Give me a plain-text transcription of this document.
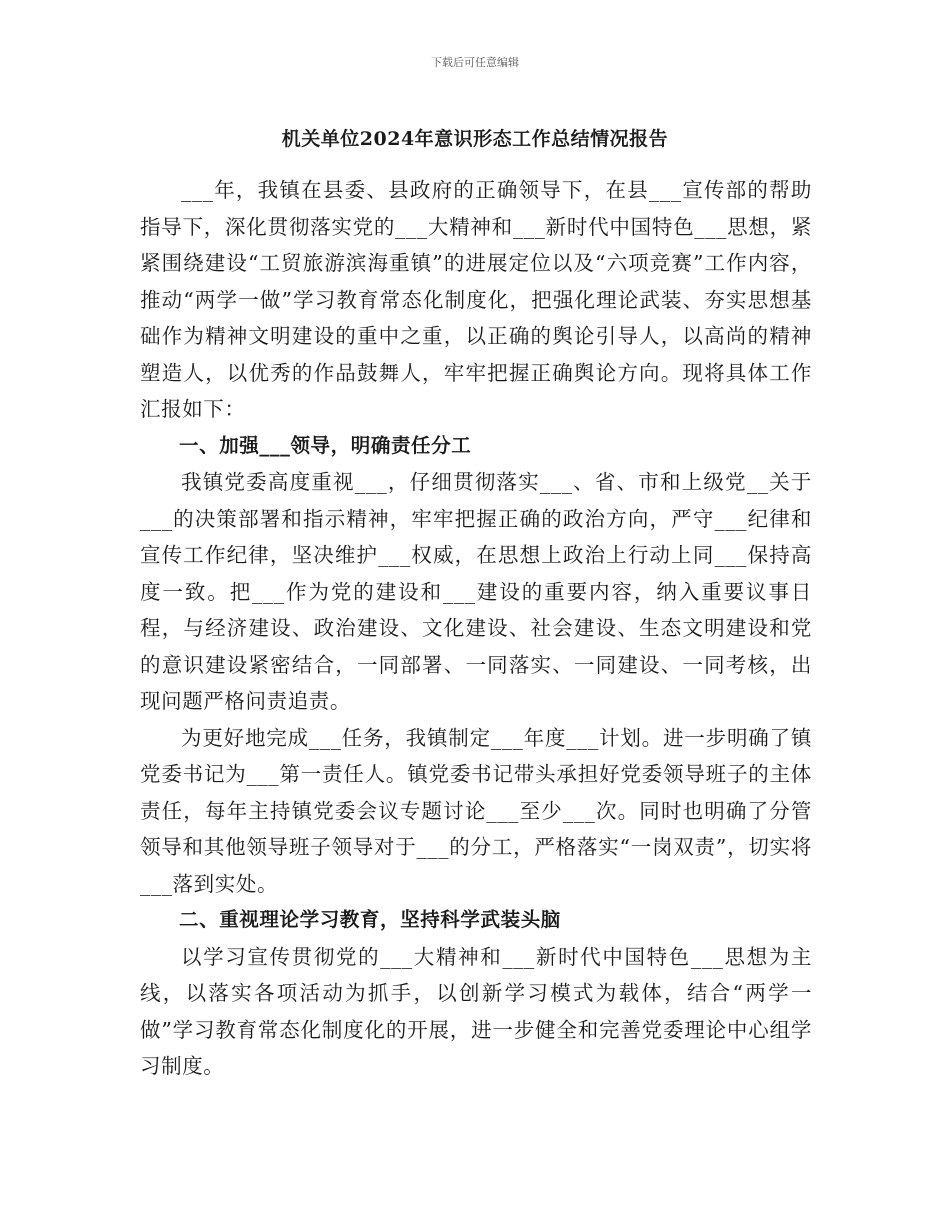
下载后可任意编辑
机关单位2024年意识形态工作总结情况报告

___年，我镇在县委、县政府的正确领导下，在县___宣传部的帮助指导下，深化贯彻落实党的___大精神和___新时代中国特色___思想，紧紧围绕建设“工贸旅游滨海重镇”的进展定位以及“六项竞赛”工作内容，推动“两学一做”学习教育常态化制度化，把强化理论武装、夯实思想基础作为精神文明建设的重中之重，以正确的舆论引导人，以高尚的精神塑造人，以优秀的作品鼓舞人，牢牢把握正确舆论方向。现将具体工作汇报如下：

一、加强___领导，明确责任分工

我镇党委高度重视___，仔细贯彻落实___、省、市和上级党__关于___的决策部署和指示精神，牢牢把握正确的政治方向，严守___纪律和宣传工作纪律，坚决维护___权威，在思想上政治上行动上同___保持高度一致。把___作为党的建设和___建设的重要内容，纳入重要议事日程，与经济建设、政治建设、文化建设、社会建设、生态文明建设和党的意识建设紧密结合，一同部署、一同落实、一同建设、一同考核，出现问题严格问责追责。

为更好地完成___任务，我镇制定___年度___计划。进一步明确了镇党委书记为___第一责任人。镇党委书记带头承担好党委领导班子的主体责任，每年主持镇党委会议专题讨论___至少___次。同时也明确了分管领导和其他领导班子领导对于___的分工，严格落实“一岗双责”，切实将___落到实处。

二、重视理论学习教育，坚持科学武装头脑

以学习宣传贯彻党的___大精神和___新时代中国特色___思想为主线，以落实各项活动为抓手，以创新学习模式为载体，结合“两学一做”学习教育常态化制度化的开展，进一步健全和完善党委理论中心组学习制度。
